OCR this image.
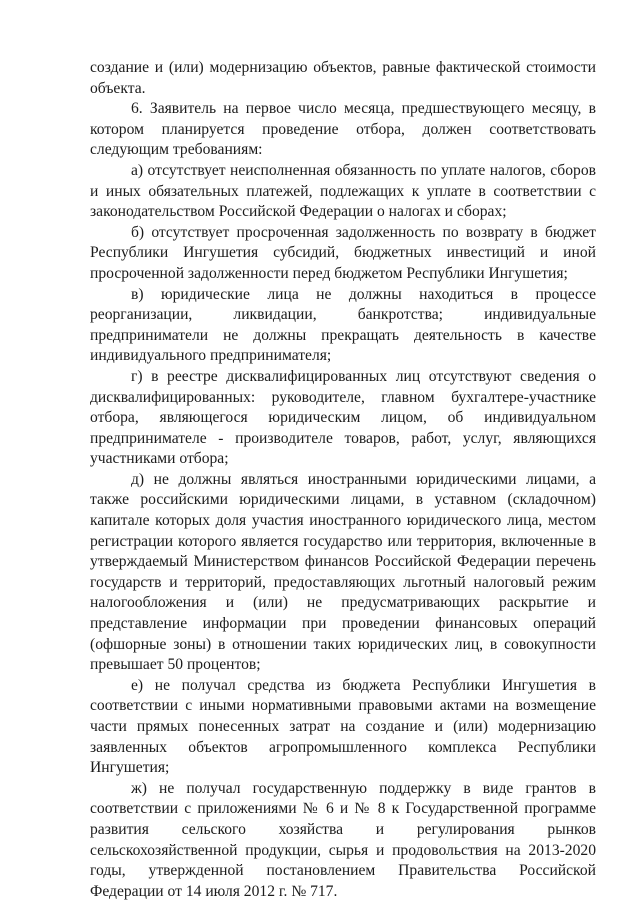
создание и (или) модернизацию объектов, равные фактической стоимости объекта.

6. Заявитель на первое число месяца, предшествующего месяцу, в котором планируется проведение отбора, должен соответствовать следующим требованиям:

а) отсутствует неисполненная обязанность по уплате налогов, сборов и иных обязательных платежей, подлежащих к уплате в соответствии с законодательством Российской Федерации о налогах и сборах;

б) отсутствует просроченная задолженность по возврату в бюджет Республики Ингушетия субсидий, бюджетных инвестиций и иной просроченной задолженности перед бюджетом Республики Ингушетия;

в) юридические лица не должны находиться в процессе реорганизации, ликвидации, банкротства; индивидуальные предприниматели не должны прекращать деятельность в качестве индивидуального предпринимателя;

г) в реестре дисквалифицированных лиц отсутствуют сведения о дисквалифицированных: руководителе, главном бухгалтере-участнике отбора, являющегося юридическим лицом, об индивидуальном предпринимателе - производителе товаров, работ, услуг, являющихся участниками отбора;

д) не должны являться иностранными юридическими лицами, а также российскими юридическими лицами, в уставном (складочном) капитале которых доля участия иностранного юридического лица, местом регистрации которого является государство или территория, включенные в утверждаемый Министерством финансов Российской Федерации перечень государств и территорий, предоставляющих льготный налоговый режим налогообложения и (или) не предусматривающих раскрытие и представление информации при проведении финансовых операций (офшорные зоны) в отношении таких юридических лиц, в совокупности превышает 50 процентов;

е) не получал средства из бюджета Республики Ингушетия в соответствии с иными нормативными правовыми актами на возмещение части прямых понесенных затрат на создание и (или) модернизацию заявленных объектов агропромышленного комплекса Республики Ингушетия;

ж) не получал государственную поддержку в виде грантов в соответствии с приложениями № 6 и № 8 к Государственной программе развития сельского хозяйства и регулирования рынков сельскохозяйственной продукции, сырья и продовольствия на 2013-2020 годы, утвержденной постановлением Правительства Российской Федерации от 14 июля 2012 г. № 717.
